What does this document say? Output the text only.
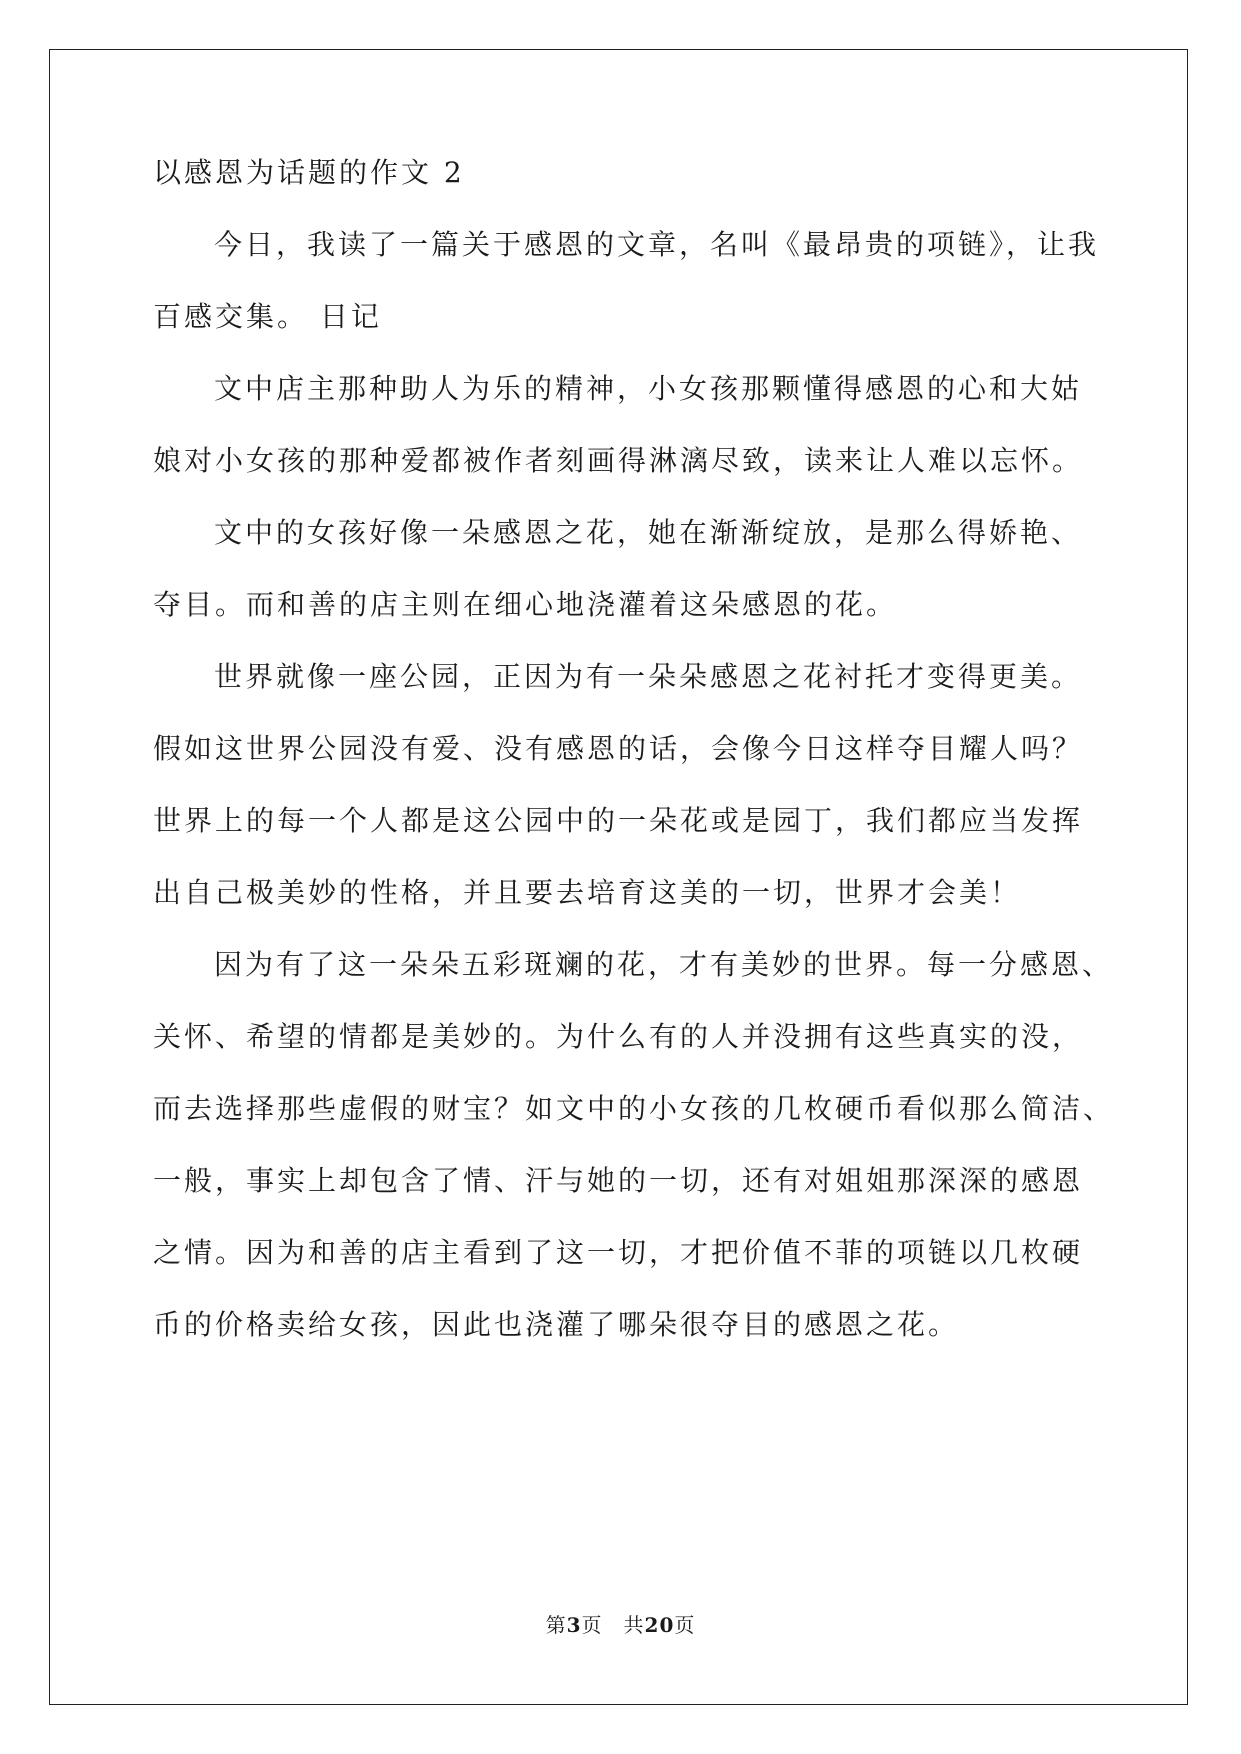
以感恩为话题的作文 2
今日，我读了一篇关于感恩的文章，名叫《最昂贵的项链》，让我
百感交集。 日记
文中店主那种助人为乐的精神，小女孩那颗懂得感恩的心和大姑
娘对小女孩的那种爱都被作者刻画得淋漓尽致，读来让人难以忘怀。
文中的女孩好像一朵感恩之花，她在渐渐绽放，是那么得娇艳、
夺目。而和善的店主则在细心地浇灌着这朵感恩的花。
世界就像一座公园，正因为有一朵朵感恩之花衬托才变得更美。
假如这世界公园没有爱、没有感恩的话，会像今日这样夺目耀人吗？
世界上的每一个人都是这公园中的一朵花或是园丁，我们都应当发挥
出自己极美妙的性格，并且要去培育这美的一切，世界才会美！
因为有了这一朵朵五彩斑斓的花，才有美妙的世界。每一分感恩、
关怀、希望的情都是美妙的。为什么有的人并没拥有这些真实的没，
而去选择那些虚假的财宝？如文中的小女孩的几枚硬币看似那么简洁、
一般，事实上却包含了情、汗与她的一切，还有对姐姐那深深的感恩
之情。因为和善的店主看到了这一切，才把价值不菲的项链以几枚硬
币的价格卖给女孩，因此也浇灌了哪朵很夺目的感恩之花。
第3页　共20页
